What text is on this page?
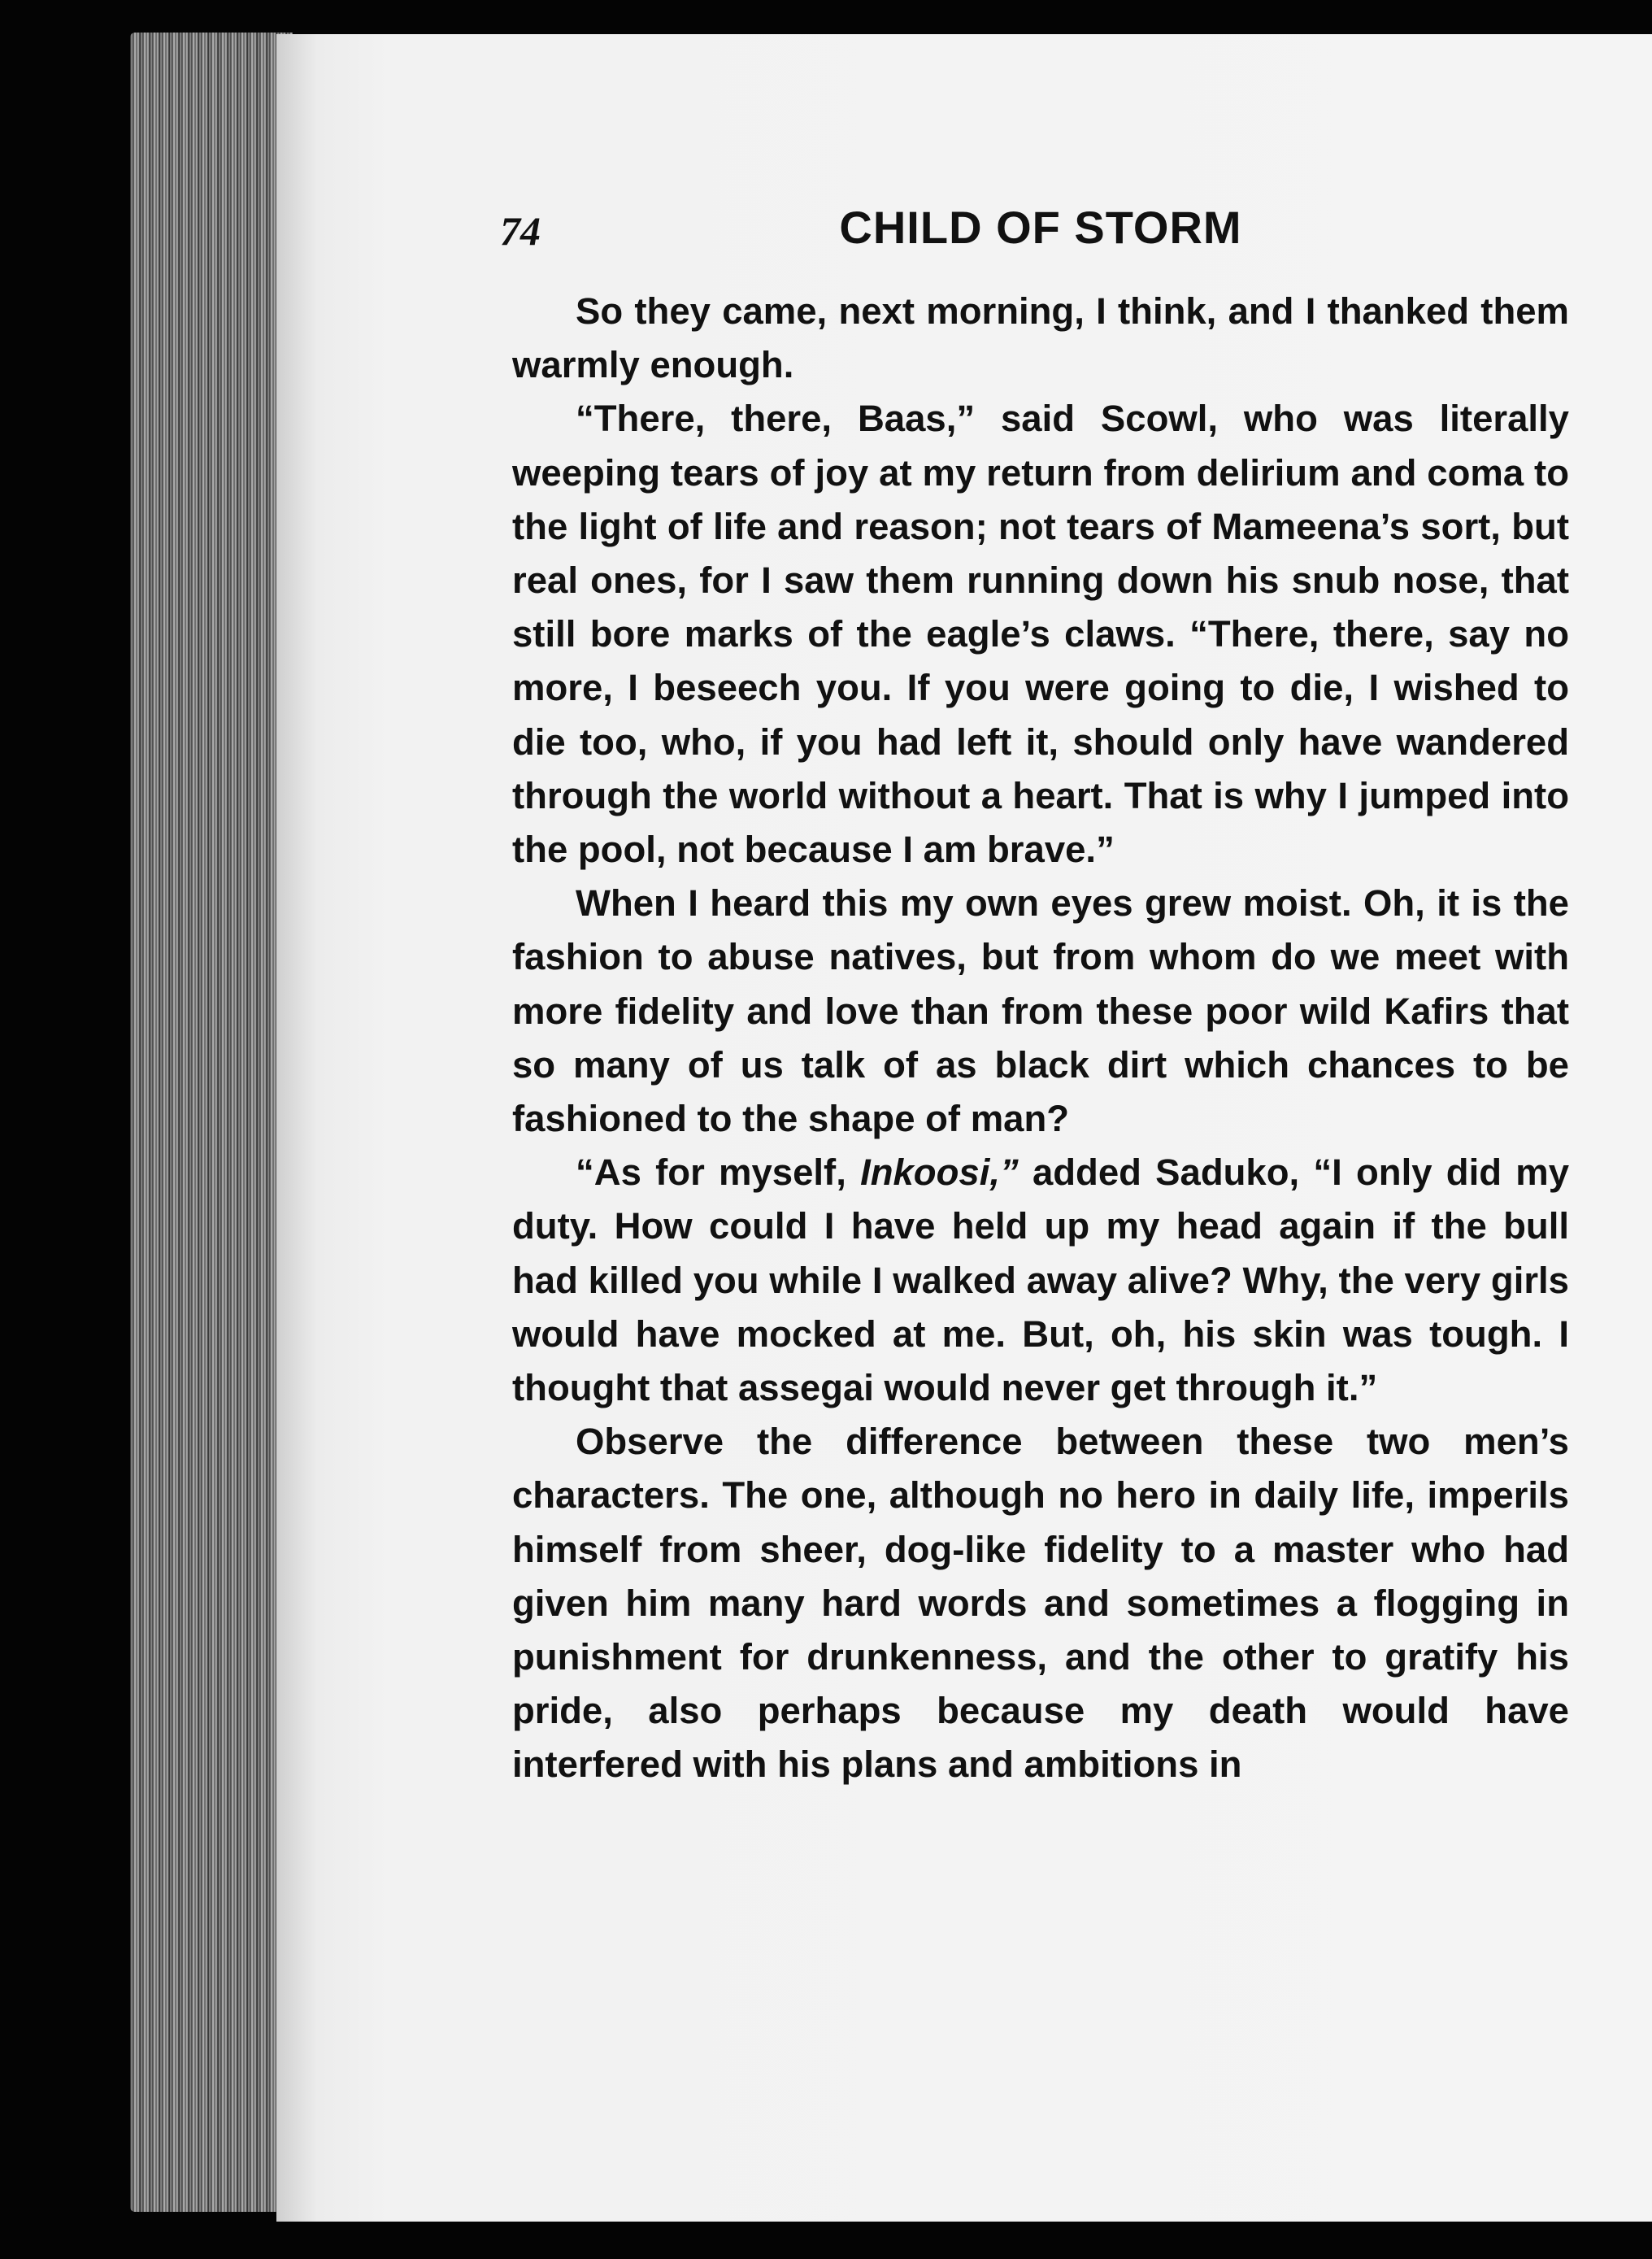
74	CHILD OF STORM

So they came, next morning, I think, and I thanked them warmly enough.

“There, there, Baas,” said Scowl, who was literally weeping tears of joy at my return from delirium and coma to the light of life and reason; not tears of Mameena’s sort, but real ones, for I saw them running down his snub nose, that still bore marks of the eagle’s claws. “There, there, say no more, I beseech you. If you were going to die, I wished to die too, who, if you had left it, should only have wandered through the world without a heart. That is why I jumped into the pool, not because I am brave.”

When I heard this my own eyes grew moist. Oh, it is the fashion to abuse natives, but from whom do we meet with more fidelity and love than from these poor wild Kafirs that so many of us talk of as black dirt which chances to be fashioned to the shape of man?

“As for myself, Inkoosi,” added Saduko, “I only did my duty. How could I have held up my head again if the bull had killed you while I walked away alive? Why, the very girls would have mocked at me. But, oh, his skin was tough. I thought that assegai would never get through it.”

Observe the difference between these two men’s characters. The one, although no hero in daily life, imperils himself from sheer, dog-like fidelity to a master who had given him many hard words and sometimes a flogging in punishment for drunkenness, and the other to gratify his pride, also perhaps because my death would have interfered with his plans and ambitions in
